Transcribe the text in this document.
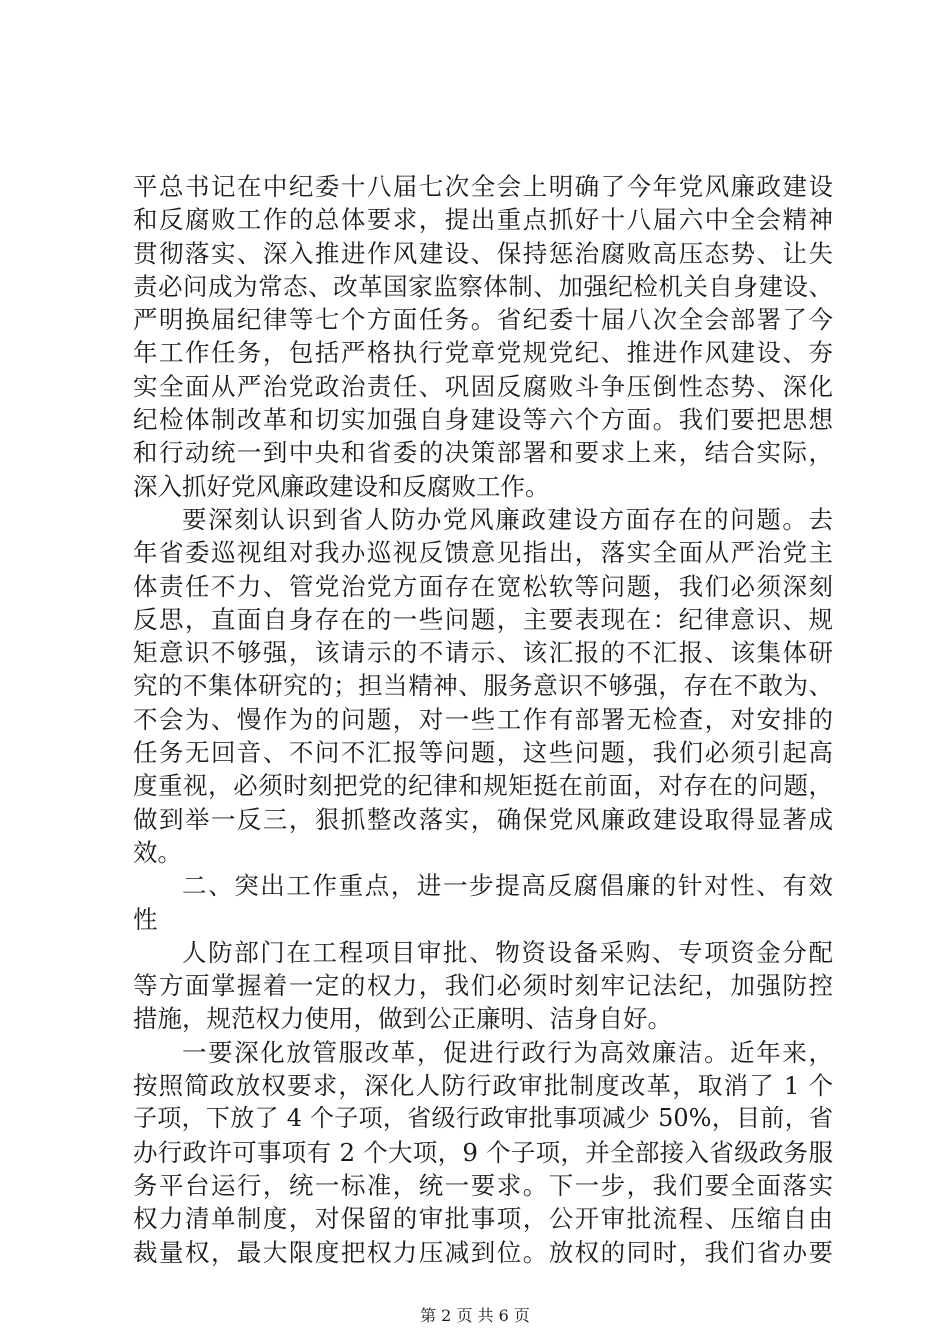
平总书记在中纪委十八届七次全会上明确了今年党风廉政建设
和反腐败工作的总体要求，提出重点抓好十八届六中全会精神
贯彻落实、深入推进作风建设、保持惩治腐败高压态势、让失
责必问成为常态、改革国家监察体制、加强纪检机关自身建设、
严明换届纪律等七个方面任务。省纪委十届八次全会部署了今
年工作任务，包括严格执行党章党规党纪、推进作风建设、夯
实全面从严治党政治责任、巩固反腐败斗争压倒性态势、深化
纪检体制改革和切实加强自身建设等六个方面。我们要把思想
和行动统一到中央和省委的决策部署和要求上来，结合实际，
深入抓好党风廉政建设和反腐败工作。
要深刻认识到省人防办党风廉政建设方面存在的问题。去
年省委巡视组对我办巡视反馈意见指出，落实全面从严治党主
体责任不力、管党治党方面存在宽松软等问题，我们必须深刻
反思，直面自身存在的一些问题，主要表现在：纪律意识、规
矩意识不够强，该请示的不请示、该汇报的不汇报、该集体研
究的不集体研究的；担当精神、服务意识不够强，存在不敢为、
不会为、慢作为的问题，对一些工作有部署无检查，对安排的
任务无回音、不问不汇报等问题，这些问题，我们必须引起高
度重视，必须时刻把党的纪律和规矩挺在前面，对存在的问题，
做到举一反三，狠抓整改落实，确保党风廉政建设取得显著成
效。
二、突出工作重点，进一步提高反腐倡廉的针对性、有效
性
人防部门在工程项目审批、物资设备采购、专项资金分配
等方面掌握着一定的权力，我们必须时刻牢记法纪，加强防控
措施，规范权力使用，做到公正廉明、洁身自好。
一要深化放管服改革，促进行政行为高效廉洁。近年来，
按照简政放权要求，深化人防行政审批制度改革，取消了 1 个
子项，下放了 4 个子项，省级行政审批事项减少 50%，目前，省
办行政许可事项有 2 个大项，9 个子项，并全部接入省级政务服
务平台运行，统一标准，统一要求。下一步，我们要全面落实
权力清单制度，对保留的审批事项，公开审批流程、压缩自由
裁量权，最大限度把权力压减到位。放权的同时，我们省办要
第 2 页 共 6 页
